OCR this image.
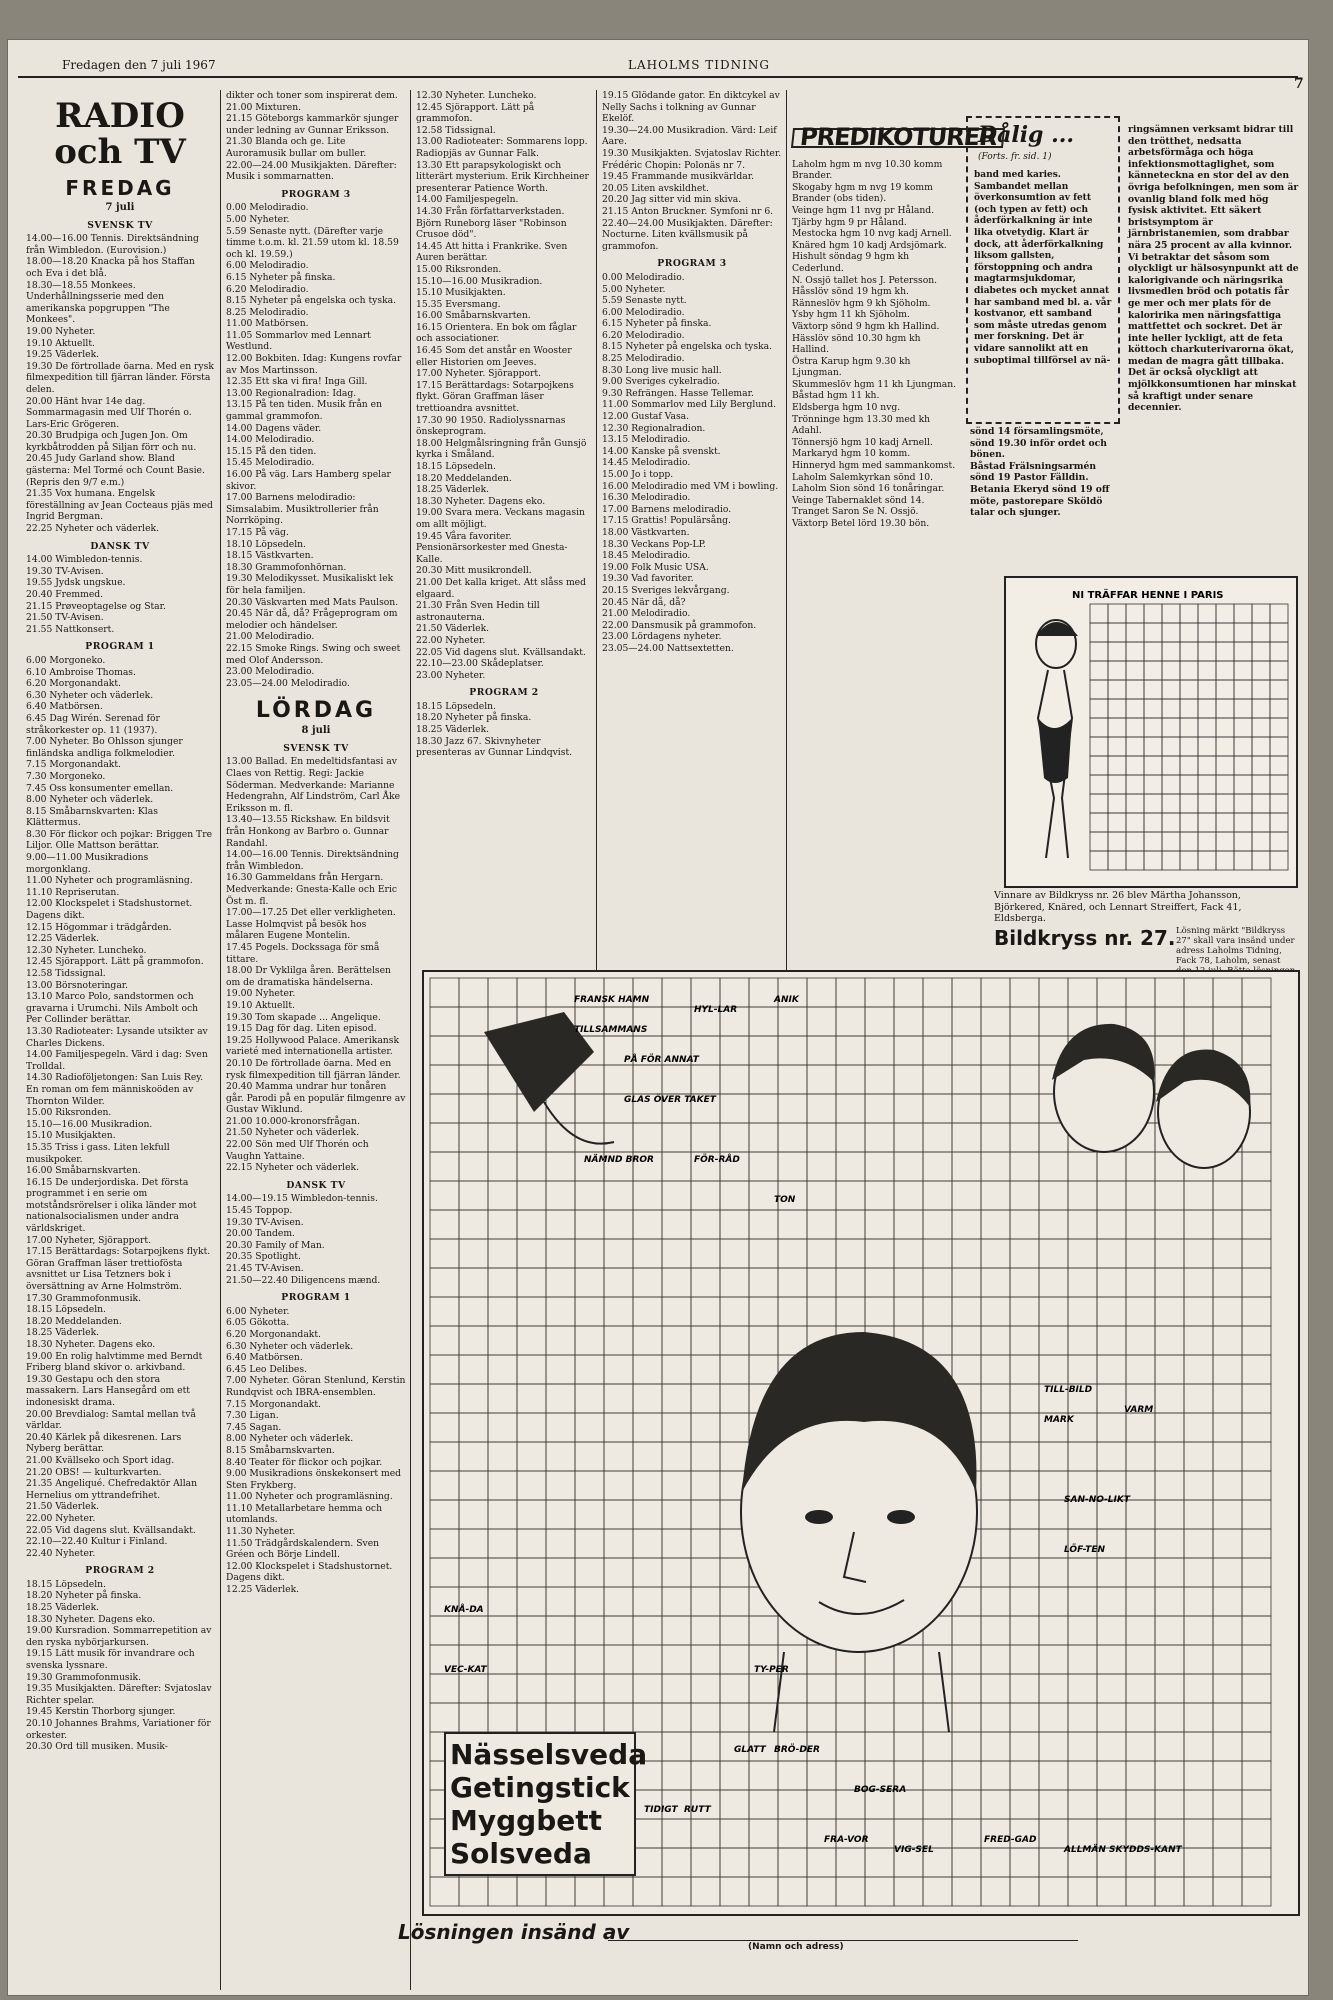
Fredagen den 7 juli 1967	LAHOLMS TIDNING
7
RADIO och TV
FREDAG
7 juli

SVENSK TV

14.00—16.00 Tennis. Direktsändning från Wimbledon. (Eurovision.)
18.00—18.20 Knacka på hos Staffan och Eva i det blå.
18.30—18.55 Monkees. Underhållningsserie med den amerikanska popgruppen "The Monkees".
19.00 Nyheter.
19.10 Aktuellt.
19.25 Väderlek.
19.30 De förtrollade öarna. Med en rysk filmexpedition till fjärran länder. Första delen.
20.00 Hänt hvar 14e dag. Sommarmagasin med Ulf Thorén o. Lars-Eric Grögeren.
20.30 Brudpiga och Jugen Jon. Om kyrkbåtrodden på Siljan förr och nu.
20.45 Judy Garland show. Bland gästerna: Mel Tormé och Count Basie. (Repris den 9/7 e.m.)
21.35 Vox humana. Engelsk föreställning av Jean Cocteaus pjäs med Ingrid Bergman.
22.25 Nyheter och väderlek.

DANSK TV

14.00 Wimbledon-tennis.
19.30 TV-Avisen.
19.55 Jydsk ungskue.
20.40 Fremmed.
21.15 Prøveoptagelse og Star.
21.50 TV-Avisen.
21.55 Nattkonsert.

PROGRAM 1

6.00 Morgoneko.
6.10 Ambroise Thomas.
6.20 Morgonandakt.
6.30 Nyheter och väderlek.
6.40 Matbörsen.
6.45 Dag Wirén. Serenad för stråkorkester op. 11 (1937).
7.00 Nyheter. Bo Ohlsson sjunger finländska andliga folkmelodier.
7.15 Morgonandakt.
7.30 Morgoneko.
7.45 Oss konsumenter emellan.
8.00 Nyheter och väderlek.
8.15 Småbarnskvarten: Klas Klättermus.
8.30 För flickor och pojkar: Briggen Tre Liljor. Olle Mattson berättar.
9.00—11.00 Musikradions morgonklang.
11.00 Nyheter och programläsning.
11.10 Repriserutan.
12.00 Klockspelet i Stadshustornet. Dagens dikt.
12.15 Högommar i trädgården.
12.25 Väderlek.
12.30 Nyheter. Luncheko.
12.45 Sjörapport. Lätt på grammofon.
12.58 Tidssignal.
13.00 Börsnoteringar.
13.10 Marco Polo, sandstormen och gravarna i Urumchi. Nils Ambolt och Per Collinder berättar.
13.30 Radioteater: Lysande utsikter av Charles Dickens.
14.00 Familjespegeln. Värd i dag: Sven Trolldal.
14.30 Radioföljetongen: San Luis Rey. En roman om fem människoöden av Thornton Wilder.
15.00 Riksronden.
15.10—16.00 Musikradion.
15.10 Musikjakten.
15.35 Triss i gass. Liten lekfull musikpoker.
16.00 Småbarnskvarten.
16.15 De underjordiska. Det första programmet i en serie om motståndsrörelser i olika länder mot nationalsocialismen under andra världskriget.
17.00 Nyheter, Sjörapport.
17.15 Berättardags: Sotarpojkens flykt. Göran Graffman läser trettiofösta avsnittet ur Lisa Tetzners bok i översättning av Arne Holmström.
17.30 Grammofonmusik.
18.15 Löpsedeln.
18.20 Meddelanden.
18.25 Väderlek.
18.30 Nyheter. Dagens eko.
19.00 En rolig halvtimme med Berndt Friberg bland skivor o. arkivband.
19.30 Gestapu och den stora massakern. Lars Hansegård om ett indonesiskt drama.
20.00 Brevdialog: Samtal mellan två världar.
20.40 Kärlek på dikesrenen. Lars Nyberg berättar.
21.00 Kvällseko och Sport idag.
21.20 OBS! — kulturkvarten.
21.35 Angeliqué. Chefredaktör Allan Hernelius om yttrandefrihet.
21.50 Väderlek.
22.00 Nyheter.
22.05 Vid dagens slut. Kvällsandakt.
22.10—22.40 Kultur i Finland.
22.40 Nyheter.

PROGRAM 2

18.15 Löpsedeln.
18.20 Nyheter på finska.
18.25 Väderlek.
18.30 Nyheter. Dagens eko.
19.00 Kursradion. Sommarrepetition av den ryska nybörjarkursen.
19.15 Lätt musik för invandrare och svenska lyssnare.
19.30 Grammofonmusik.
19.35 Musikjakten. Därefter: Svjatoslav Richter spelar.
19.45 Kerstin Thorborg sjunger.
20.10 Johannes Brahms, Variationer för orkester.
20.30 Ord till musiken. Musik-

dikter och toner som inspirerat dem.
21.00 Mixturen.
21.15 Göteborgs kammarkör sjunger under ledning av Gunnar Eriksson.
21.30 Blanda och ge. Lite Auroramusik bullar om buller.
22.00—24.00 Musikjakten. Därefter: Musik i sommarnatten.

PROGRAM 3

0.00 Melodiradio.
5.00 Nyheter.
5.59 Senaste nytt. (Därefter varje timme t.o.m. kl. 21.59 utom kl. 18.59 och kl. 19.59.)
6.00 Melodiradio.
6.15 Nyheter på finska.
6.20 Melodiradio.
8.15 Nyheter på engelska och tyska.
8.25 Melodiradio.
11.00 Matbörsen.
11.05 Sommarlov med Lennart Westlund.
12.00 Bokbiten. Idag: Kungens rovfar av Mos Martinsson.
12.35 Ett ska vi fira! Inga Gill.
13.00 Regionalradion: Idag.
13.15 På ten tiden. Musik från en gammal grammofon.
14.00 Dagens väder.
14.00 Melodiradio.
15.15 På den tiden.
15.45 Melodiradio.
16.00 På väg. Lars Hamberg spelar skivor.
17.00 Barnens melodiradio: Simsalabim. Musiktrollerier från Norrköping.
17.15 På väg.
18.10 Löpsedeln.
18.15 Västkvarten.
18.30 Grammofonhörnan.
19.30 Melodikysset. Musikaliskt lek för hela familjen.
20.30 Väskvarten med Mats Paulson.
20.45 När då, då? Frågeprogram om melodier och händelser.
21.00 Melodiradio.
22.15 Smoke Rings. Swing och sweet med Olof Andersson.
23.00 Melodiradio.
23.05—24.00 Melodiradio.

LÖRDAG
8 juli

SVENSK TV

13.00 Ballad. En medeltidsfantasi av Claes von Rettig. Regi: Jackie Söderman. Medverkande: Marianne Hedengrahn, Alf Lindström, Carl Åke Eriksson m. fl.
13.40—13.55 Rickshaw. En bildsvit från Honkong av Barbro o. Gunnar Randahl.
14.00—16.00 Tennis. Direktsändning från Wimbledon.
16.30 Gammeldans från Hergarn. Medverkande: Gnesta-Kalle och Eric Öst m. fl.
17.00—17.25 Det eller verkligheten. Lasse Holmqvist på besök hos målaren Eugene Montelin.
17.45 Pogels. Dockssaga för små tittare.
18.00 Dr Vyklilga åren. Berättelsen om de dramatiska händelserna.
19.00 Nyheter.
19.10 Aktuellt.
19.30 Tom skapade ... Angelique.
19.15 Dag för dag. Liten episod.
19.25 Hollywood Palace. Amerikansk varieté med internationella artister.
20.10 De förtrollade öarna. Med en rysk filmexpedition till fjärran länder.
20.40 Mamma undrar hur tonåren går. Parodi på en populär filmgenre av Gustav Wiklund.
21.00 10.000-kronorsfrågan.
21.50 Nyheter och väderlek.
22.00 Sön med Ulf Thorén och Vaughn Yattaine.
22.15 Nyheter och väderlek.

DANSK TV

14.00—19.15 Wimbledon-tennis.
15.45 Toppop.
19.30 TV-Avisen.
20.00 Tandem.
20.30 Family of Man.
20.35 Spotlight.
21.45 TV-Avisen.
21.50—22.40 Diligencens mænd.

PROGRAM 1

6.00 Nyheter.
6.05 Gökotta.
6.20 Morgonandakt.
6.30 Nyheter och väderlek.
6.40 Matbörsen.
6.45 Leo Delibes.
7.00 Nyheter. Göran Stenlund, Kerstin Rundqvist och IBRA-ensemblen.
7.15 Morgonandakt.
7.30 Ligan.
7.45 Sagan.
8.00 Nyheter och väderlek.
8.15 Småbarnskvarten.
8.40 Teater för flickor och pojkar.
9.00 Musikradions önskekonsert med Sten Frykberg.
11.00 Nyheter och programläsning.
11.10 Metallarbetare hemma och utomlands.
11.30 Nyheter.
11.50 Trädgårdskalendern. Sven Gréen och Börje Lindell.
12.00 Klockspelet i Stadshustornet. Dagens dikt.
12.25 Väderlek.

12.30 Nyheter. Luncheko.
12.45 Sjörapport. Lätt på grammofon.
12.58 Tidssignal.
13.00 Radioteater: Sommarens lopp. Radiopjäs av Gunnar Falk.
13.30 Ett parapsykologiskt och litterärt mysterium. Erik Kirchheiner presenterar Patience Worth.
14.00 Familjespegeln.
14.30 Från författarverkstaden. Björn Runeborg läser "Robinson Crusoe död".
14.45 Att hitta i Frankrike. Sven Auren berättar.
15.00 Riksronden.
15.10—16.00 Musikradion.
15.10 Musikjakten.
15.35 Eversmang.
16.00 Småbarnskvarten.
16.15 Orientera. En bok om fåglar och associationer.
16.45 Som det anstår en Wooster eller Historien om Jeeves.
17.00 Nyheter. Sjörapport.
17.15 Berättardags: Sotarpojkens flykt. Göran Graffman läser trettioandra avsnittet.
17.30 90 1950. Radiolyssnarnas önskeprogram.
18.00 Helgmålsringning från Gunsjö kyrka i Småland.
18.15 Löpsedeln.
18.20 Meddelanden.
18.25 Väderlek.
18.30 Nyheter. Dagens eko.
19.00 Svara mera. Veckans magasin om allt möjligt.
19.45 Våra favoriter. Pensionärsorkester med Gnesta-Kalle.
20.30 Mitt musikrondell.
21.00 Det kalla kriget. Att slåss med elgaard.
21.30 Från Sven Hedin till astronauterna.
21.50 Väderlek.
22.00 Nyheter.
22.05 Vid dagens slut. Kvällsandakt.
22.10—23.00 Skådeplatser.
23.00 Nyheter.

PROGRAM 2

18.15 Löpsedeln.
18.20 Nyheter på finska.
18.25 Väderlek.
18.30 Jazz 67. Skivnyheter presenteras av Gunnar Lindqvist.

19.15 Glödande gator. En diktcykel av Nelly Sachs i tolkning av Gunnar Ekelöf.
19.30—24.00 Musikradion. Värd: Leif Aare.
19.30 Musikjakten. Svjatoslav Richter. Frédéric Chopin: Polonäs nr 7.
19.45 Frammande musikvärldar.
20.05 Liten avskildhet.
20.20 Jag sitter vid min skiva.
21.15 Anton Bruckner. Symfoni nr 6.
22.40—24.00 Musikjakten. Därefter: Nocturne. Liten kvällsmusik på grammofon.

PROGRAM 3

0.00 Melodiradio.
5.00 Nyheter.
5.59 Senaste nytt.
6.00 Melodiradio.
6.15 Nyheter på finska.
6.20 Melodiradio.
8.15 Nyheter på engelska och tyska.
8.25 Melodiradio.
8.30 Long live music hall.
9.00 Sveriges cykelradio.
9.30 Refrängen. Hasse Tellemar.
11.00 Sommarlov med Lily Berglund.
12.00 Gustaf Vasa.
12.30 Regionalradion.
13.15 Melodiradio.
14.00 Kanske på svenskt.
14.45 Melodiradio.
15.00 Jo i topp.
16.00 Melodiradio med VM i bowling.
16.30 Melodiradio.
17.00 Barnens melodiradio.
17.15 Grattis! Populärsång.
18.00 Västkvarten.
18.30 Veckans Pop-LP.
18.45 Melodiradio.
19.00 Folk Music USA.
19.30 Vad favoriter.
20.15 Sveriges lekvårgang.
20.45 När då, då?
21.00 Melodiradio.
22.00 Dansmusik på grammofon.
23.00 Lördagens nyheter.
23.05—24.00 Nattsextetten.

PREDIKOTURER

Laholm hgm m nvg 10.30 komm Brander.
Skogaby hgm m nvg 19 komm Brander (obs tiden).
Veinge hgm 11 nvg pr Håland.
Tjärby hgm 9 pr Håland.
Mestocka hgm 10 nvg kadj Arnell.
Knäred hgm 10 kadj Ardsjömark.
Hishult söndag 9 hgm kh Cederlund.
N. Ossjö tallet hos J. Petersson.
Håsslöv sönd 19 hgm kh.
Ränneslöv hgm 9 kh Sjöholm.
Ysby hgm 11 kh Sjöholm.
Växtorp sönd 9 hgm kh Hallind.
Hässlöv sönd 10.30 hgm kh Hallind.
Östra Karup hgm 9.30 kh Ljungman.
Skummeslöv hgm 11 kh Ljungman.
Båstad hgm 11 kh.
Eldsberga hgm 10 nvg.
Trönninge hgm 13.30 med kh Adahl.
Tönnersjö hgm 10 kadj Arnell.
Markaryd hgm 10 komm.
Hinneryd hgm med sammankomst.
Laholm Salemkyrkan sönd 10.
Laholm Sion sönd 16 tonåringar.
Veinge Tabernaklet sönd 14.
Tranget Saron Se N. Ossjö.
Växtorp Betel lörd 19.30 bön.

Dålig ...
(Forts. fr. sid. 1)
band med karies. Sambandet mellan överkonsumtion av fett (och typen av fett) och åderförkalkning är inte lika otvetydig. Klart är dock, att åderförkalkning liksom gallsten, förstoppning och andra magtarmsjukdomar, diabetes och mycket annat har samband med bl. a. vår kostvanor, ett samband som måste utredas genom mer forskning. Det är vidare sannolikt att en suboptimal tillförsel av nä-

sönd 14 församlingsmöte, sönd 19.30 inför ordet och bönen.
Båstad Frälsningsarmén sönd 19 Pastor Fälldin.
Betania Ekeryd sönd 19 off möte, pastorepare Sköldö talar och sjunger.

ringsämnen verksamt bidrar till den trötthet, nedsatta arbetsförmåga och höga infektionsmottaglighet, som känneteckna en stor del av den övriga befolkningen, men som är ovanlig bland folk med hög fysisk aktivitet. Ett säkert bristsymptom är järnbristanemien, som drabbar nära 25 procent av alla kvinnor.
Vi betraktar det såsom som olyckligt ur hälsosynpunkt att de kalorigivande och näringsrika livsmedlen bröd och potatis får ge mer och mer plats för de kaloririka men näringsfattiga mattfettet och sockret. Det är inte heller lyckligt, att de feta köttoch charkuterivarorna ökat, medan de magra gått tillbaka.
Det är också olyckligt att mjölkkonsumtionen har minskat så kraftigt under senare decennier.

NI TRÄFFAR HENNE I PARIS

Vinnare av Bildkryss nr. 26 blev Märtha Johansson, Björkered, Knäred, och Lennart Streiffert, Fack 41, Eldsberga.

Bildkryss nr. 27. Lösning märkt "Bildkryss 27" skall vara insänd under adress Laholms Tidning, Fack 78, Laholm, senast

FRANSK HAMN
TILLSAMMANS
HYL-LAR
ANIK
PÅ FÖR ANNAT
GLAS ÖVER TAKET
NÄMND BROR	FÖR-RÅD
TON
TIDIGT RUTT
TILL-BILD
MARK
VARM
SAN-NO-LIKT
LÖF-TEN
KNÅ-DA
VEC-KAT
FRA-VOR
BOG-SERA
VIG-SEL
FRED-GAD
ALLMÄN SKYDDS-KANT
GLATT
TY-PER
BRÖ-DER
Nässelsveda
Getingstick
Myggbett
Solsveda
Lösningen insänd av
(Namn och adress)
